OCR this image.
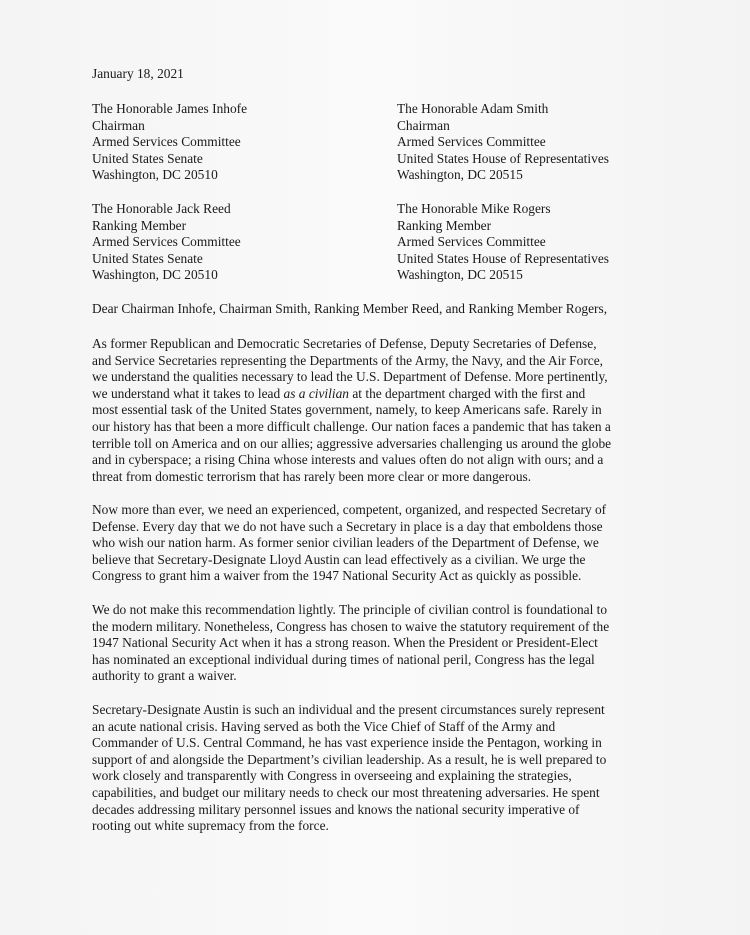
January 18, 2021
The Honorable James Inhofe
Chairman
Armed Services Committee
United States Senate
Washington, DC 20510
The Honorable Adam Smith
Chairman
Armed Services Committee
United States House of Representatives
Washington, DC 20515
The Honorable Jack Reed
Ranking Member
Armed Services Committee
United States Senate
Washington, DC 20510
The Honorable Mike Rogers
Ranking Member
Armed Services Committee
United States House of Representatives
Washington, DC 20515
Dear Chairman Inhofe, Chairman Smith, Ranking Member Reed, and Ranking Member Rogers,
As former Republican and Democratic Secretaries of Defense, Deputy Secretaries of Defense,
and Service Secretaries representing the Departments of the Army, the Navy, and the Air Force,
we understand the qualities necessary to lead the U.S. Department of Defense. More pertinently,
we understand what it takes to lead as a civilian at the department charged with the first and
most essential task of the United States government, namely, to keep Americans safe. Rarely in
our history has that been a more difficult challenge. Our nation faces a pandemic that has taken a
terrible toll on America and on our allies; aggressive adversaries challenging us around the globe
and in cyberspace; a rising China whose interests and values often do not align with ours; and a
threat from domestic terrorism that has rarely been more clear or more dangerous.
Now more than ever, we need an experienced, competent, organized, and respected Secretary of
Defense. Every day that we do not have such a Secretary in place is a day that emboldens those
who wish our nation harm. As former senior civilian leaders of the Department of Defense, we
believe that Secretary-Designate Lloyd Austin can lead effectively as a civilian. We urge the
Congress to grant him a waiver from the 1947 National Security Act as quickly as possible.
We do not make this recommendation lightly. The principle of civilian control is foundational to
the modern military. Nonetheless, Congress has chosen to waive the statutory requirement of the
1947 National Security Act when it has a strong reason. When the President or President-Elect
has nominated an exceptional individual during times of national peril, Congress has the legal
authority to grant a waiver.
Secretary-Designate Austin is such an individual and the present circumstances surely represent
an acute national crisis. Having served as both the Vice Chief of Staff of the Army and
Commander of U.S. Central Command, he has vast experience inside the Pentagon, working in
support of and alongside the Department’s civilian leadership. As a result, he is well prepared to
work closely and transparently with Congress in overseeing and explaining the strategies,
capabilities, and budget our military needs to check our most threatening adversaries. He spent
decades addressing military personnel issues and knows the national security imperative of
rooting out white supremacy from the force.
